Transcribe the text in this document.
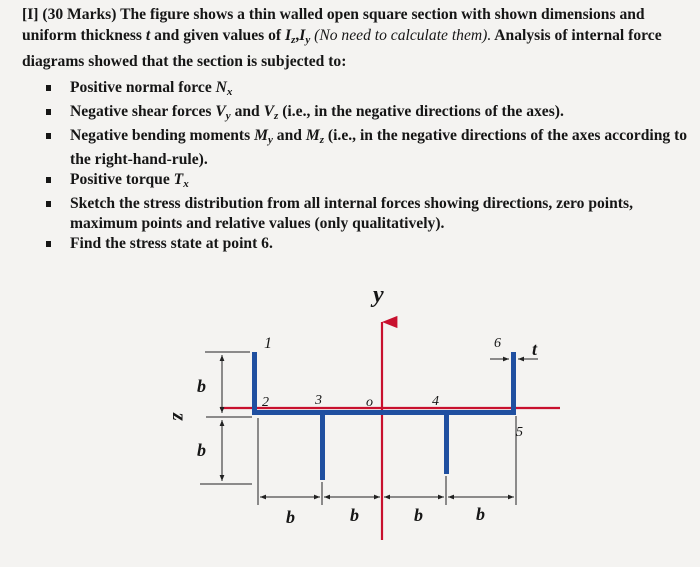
[I] (30 Marks) The figure shows a thin walled open square section with shown dimensions and uniform thickness t and given values of $I_z,I_y$ (No need to calculate them). Analysis of internal force diagrams showed that the section is subjected to:

Positive normal force $N_x$
Negative shear forces $V_y$ and $V_z$ (i.e., in the negative directions of the axes).
Negative bending moments $M_y$ and $M_z$ (i.e., in the negative directions of the axes according to the right-hand-rule).
Positive torque $T_x$
Sketch the stress distribution from all internal forces showing directions, zero points, maximum points and relative values (only qualitatively).
Find the stress state at point 6.
y
z
1
2	3	o	4
5
6
b
b
b	b	b	b
t
